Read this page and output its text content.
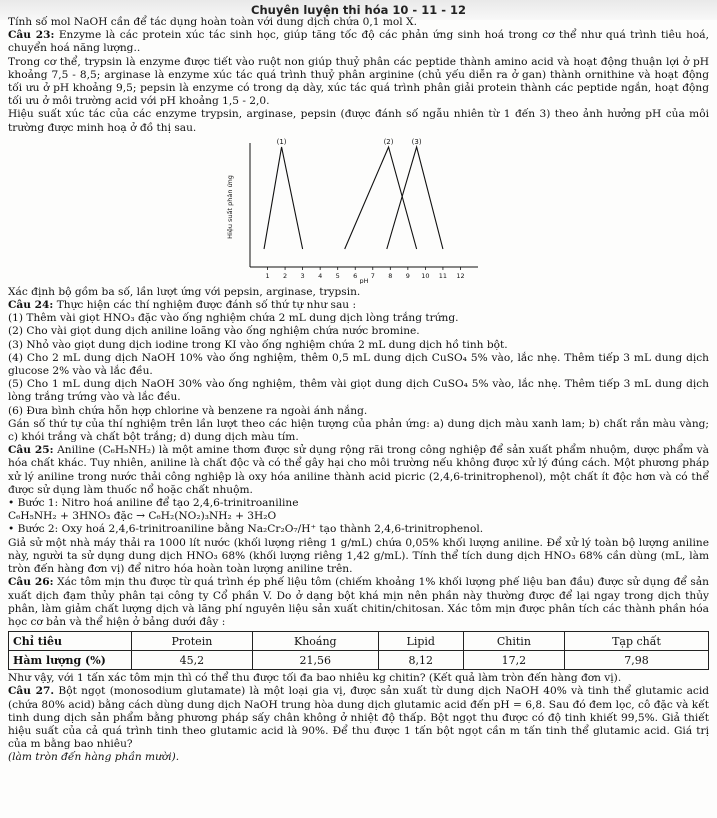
Chuyên luyện thi hóa 10 - 11 - 12

Tính số mol NaOH cần để tác dụng hoàn toàn với dung dịch chứa 0,1 mol X.

Câu 23: Enzyme là các protein xúc tác sinh học, giúp tăng tốc độ các phản ứng sinh hoá trong cơ thể như quá trình tiêu hoá, chuyển hoá năng lượng..

Trong cơ thể, trypsin là enzyme được tiết vào ruột non giúp thuỷ phân các peptide thành amino acid và hoạt động thuận lợi ở pH khoảng 7,5 - 8,5; arginase là enzyme xúc tác quá trình thuỷ phân arginine (chủ yếu diễn ra ở gan) thành ornithine và hoạt động tối ưu ở pH khoảng 9,5; pepsin là enzyme có trong dạ dày, xúc tác quá trình phân giải protein thành các peptide ngắn, hoạt động tối ưu ở môi trường acid với pH khoảng 1,5 - 2,0.

Hiệu suất xúc tác của các enzyme trypsin, arginase, pepsin (được đánh số ngẫu nhiên từ 1 đến 3) theo ảnh hưởng pH của môi trường được minh hoạ ở đồ thị sau.

1 2 3 4 5 6 7 8 9 10 11 12
pH
Hiệu suất phản ứng
(1)	(2)	(3)

Xác định bộ gồm ba số, lần lượt ứng với pepsin, arginase, trypsin.

Câu 24: Thực hiện các thí nghiệm được đánh số thứ tự như sau :

(1) Thêm vài giọt HNO₃ đặc vào ống nghiệm chứa 2 mL dung dịch lòng trắng trứng.

(2) Cho vài giọt dung dịch aniline loãng vào ống nghiệm chứa nước bromine.

(3) Nhỏ vào giọt dung dịch iodine trong KI vào ống nghiệm chứa 2 mL dung dịch hồ tinh bột.

(4) Cho 2 mL dung dịch NaOH 10% vào ống nghiệm, thêm 0,5 mL dung dịch CuSO₄ 5% vào, lắc nhẹ. Thêm tiếp 3 mL dung dịch glucose 2% vào và lắc đều.

(5) Cho 1 mL dung dịch NaOH 30% vào ống nghiệm, thêm vài giọt dung dịch CuSO₄ 5% vào, lắc nhẹ. Thêm tiếp 3 mL dung dịch lòng trắng trứng vào và lắc đều.

(6) Đưa bình chứa hỗn hợp chlorine và benzene ra ngoài ánh nắng.

Gán số thứ tự của thí nghiệm trên lần lượt theo các hiện tượng của phản ứng: a) dung dịch màu xanh lam; b) chất rắn màu vàng; c) khói trắng và chất bột trắng; d) dung dịch màu tím.

Câu 25: Aniline (C₆H₅NH₂) là một amine thơm được sử dụng rộng rãi trong công nghiệp để sản xuất phẩm nhuộm, dược phẩm và hóa chất khác. Tuy nhiên, aniline là chất độc và có thể gây hại cho môi trường nếu không được xử lý đúng cách. Một phương pháp xử lý aniline trong nước thải công nghiệp là oxy hóa aniline thành acid picric (2,4,6-trinitrophenol), một chất ít độc hơn và có thể được sử dụng làm thuốc nổ hoặc chất nhuộm.

• Bước 1: Nitro hoá aniline để tạo 2,4,6-trinitroaniline

C₆H₅NH₂ + 3HNO₃ đặc → C₆H₂(NO₂)₃NH₂ + 3H₂O

• Bước 2: Oxy hoá 2,4,6-trinitroaniline bằng Na₂Cr₂O₇/H⁺ tạo thành 2,4,6-trinitrophenol.

Giả sử một nhà máy thải ra 1000 lít nước (khối lượng riêng 1 g/mL) chứa 0,05% khối lượng aniline. Để xử lý toàn bộ lượng aniline này, người ta sử dụng dung dịch HNO₃ 68% (khối lượng riêng 1,42 g/mL). Tính thể tích dung dịch HNO₃ 68% cần dùng (mL, làm tròn đến hàng đơn vị) để nitro hóa hoàn toàn lượng aniline trên.

Câu 26: Xác tôm mịn thu được từ quá trình ép phế liệu tôm (chiếm khoảng 1% khối lượng phế liệu ban đầu) được sử dụng để sản xuất dịch đạm thủy phân tại công ty Cổ phần V. Do ở dạng bột khá mịn nên phần này thường được để lại ngay trong dịch thủy phân, làm giảm chất lượng dịch và lãng phí nguyên liệu sản xuất chitin/chitosan. Xác tôm mịn được phân tích các thành phần hóa học cơ bản và thể hiện ở bảng dưới đây :

Chỉ tiêu	Protein	Khoáng	Lipid	Chitin	Tạp chất
Hàm lượng (%)	45,2	21,56	8,12	17,2	7,98

Như vậy, với 1 tấn xác tôm mịn thì có thể thu được tối đa bao nhiêu kg chitin? (Kết quả làm tròn đến hàng đơn vị).

Câu 27. Bột ngọt (monosodium glutamate) là một loại gia vị, được sản xuất từ dung dịch NaOH 40% và tinh thể glutamic acid (chứa 80% acid) bằng cách dùng dung dịch NaOH trung hòa dung dịch glutamic acid đến pH = 6,8. Sau đó đem lọc, cô đặc và kết tinh dung dịch sản phẩm bằng phương pháp sấy chân không ở nhiệt độ thấp. Bột ngọt thu được có độ tinh khiết 99,5%. Giả thiết hiệu suất của cả quá trình tinh theo glutamic acid là 90%. Để thu được 1 tấn bột ngọt cần m tấn tinh thể glutamic acid. Giá trị của m bằng bao nhiêu?

(làm tròn đến hàng phần mười).
